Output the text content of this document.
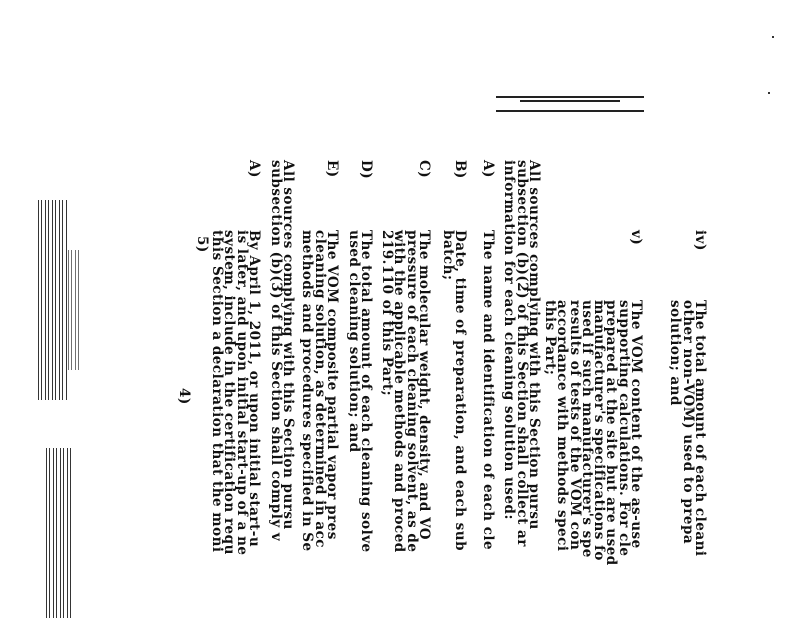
iv)
The total amount of each cleani
other non-VOM) used to prepa
solution; and
v)
The VOM content of the as-use
supporting calculations. For cle
prepared at the site but are used
manufacturer's specifications fo
used if such manufacturer's spe
results of tests of the VOM con
accordance with methods speci
this Part;
All sources complying with this Section pursu
subsection (b)(2) of this Section shall collect ar
information for each cleaning solution used:
A)
The name and identification of each cle
B)
Date, time of preparation, and each sub
batch;
C)
The molecular weight, density, and VO
pressure of each cleaning solvent, as de
with the applicable methods and proced
219.110 of this Part;
D)
The total amount of each cleaning solve
used cleaning solution; and
E)
The VOM composite partial vapor pres
cleaning solution, as determined in acc
methods and procedures specified in Se
All sources complying with this Section pursu
subsection (b)(3) of this Section shall comply v
A)
By April 1, 2011, or upon initial start-u
is later, and upon initial start-up of a ne
system, include in the certification requ
this Section a declaration that the moni
4)
5)
